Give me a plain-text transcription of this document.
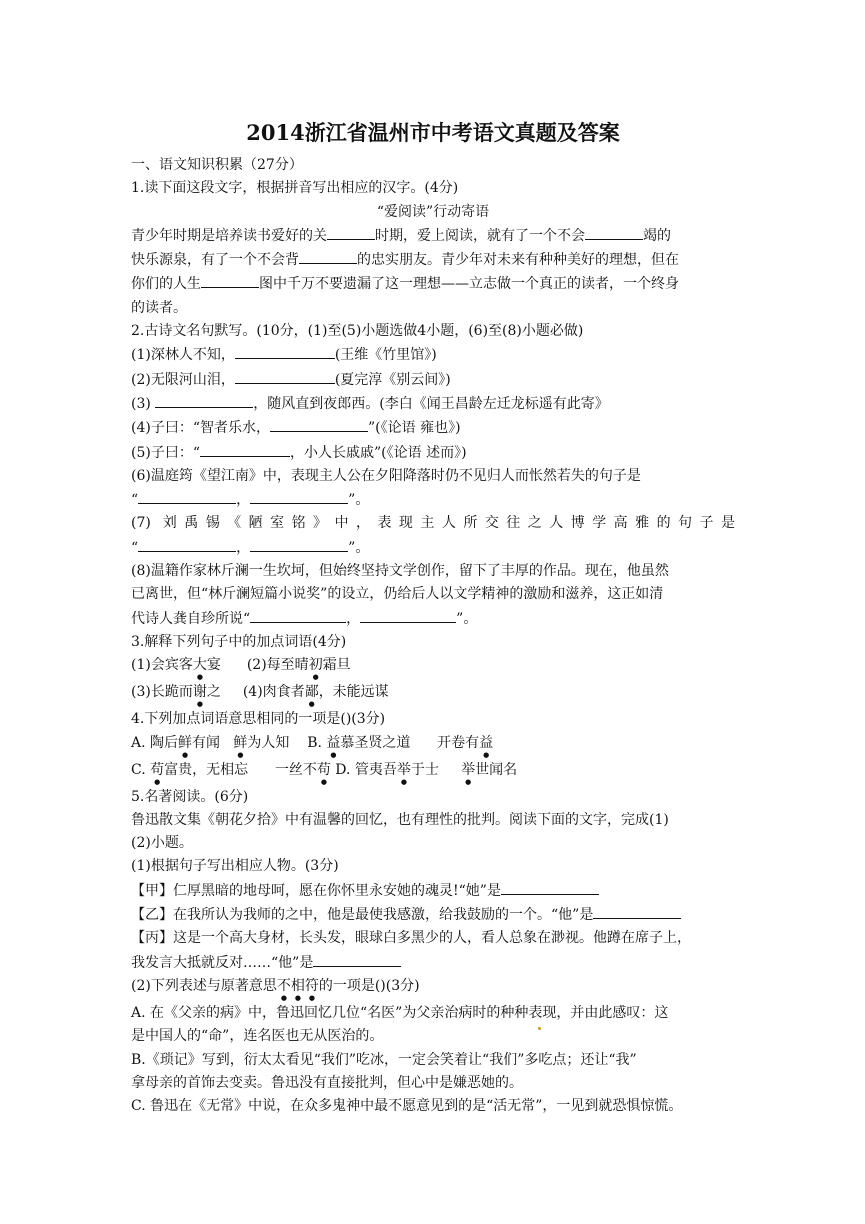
2014浙江省温州市中考语文真题及答案
一、语文知识积累（27分）
1.读下面这段文字，根据拼音写出相应的汉字。(4分)
“爱阅读”行动寄语
青少年时期是培养读书爱好的关	时期，爱上阅读，就有了一个不会	竭的
快乐源泉，有了一个不会背	的忠实朋友。青少年对未来有种种美好的理想，但在
你们的人生	图中千万不要遗漏了这一理想——立志做一个真正的读者，一个终身
的读者。
2.古诗文名句默写。(10分，(1)至(5)小题选做4小题，(6)至(8)小题必做)
(1)深林人不知，	(王维《竹里馆》)
(2)无限河山泪，	(夏完淳《别云间》)
(3)	，随风直到夜郎西。(李白《闻王昌龄左迁龙标遥有此寄》
(4)子曰：“智者乐水，	”(《论语 雍也》)
(5)子曰：“	，小人长戚戚”(《论语 述而》)
(6)温庭筠《望江南》中，表现主人公在夕阳降落时仍不见归人而怅然若失的句子是
“	，	”。
(7) 刘禹锡《陋室铭》中，表现主人所交往之人博学高雅的句子是
“	，	”。
(8)温籍作家林斤澜一生坎坷，但始终坚持文学创作，留下了丰厚的作品。现在，他虽然
已离世，但“林斤澜短篇小说奖”的设立，仍给后人以文学精神的激励和滋养，这正如清
代诗人龚自珍所说“	，	”。
3.解释下列句子中的加点词语(4分)
(1)会宾客大宴 (2)每至晴初霜旦
(3)长跪而谢之 (4)肉食者鄙，未能远谋
4.下列加点词语意思相同的一项是()(3分)
A. 陶后鲜有闻   鲜为人知 B. 益慕圣贤之道      开卷有益
C. 苟富贵，无相忘      一丝不苟 D. 管夷吾举于士     举世闻名
5.名著阅读。(6分)
鲁迅散文集《朝花夕拾》中有温馨的回忆，也有理性的批判。阅读下面的文字，完成(1)
(2)小题。
(1)根据句子写出相应人物。(3分)
【甲】仁厚黑暗的地母呵，愿在你怀里永安她的魂灵!“她”是
【乙】在我所认为我师的之中，他是最使我感激，给我鼓励的一个。“他”是
【丙】这是一个高大身材，长头发，眼球白多黑少的人，看人总象在渺视。他蹲在席子上，
我发言大抵就反对……“他”是
(2)下列表述与原著意思不相符的一项是()(3分)
A. 在《父亲的病》中，鲁迅回忆几位“名医”为父亲治病时的种种表现，并由此感叹：这
是中国人的“命”，连名医也无从医治的。
B.《琐记》写到，衍太太看见“我们”吃冰，一定会笑着让“我们”多吃点；还让“我”
拿母亲的首饰去变卖。鲁迅没有直接批判，但心中是嫌恶她的。
C. 鲁迅在《无常》中说，在众多鬼神中最不愿意见到的是“活无常”，一见到就恐惧惊慌。
